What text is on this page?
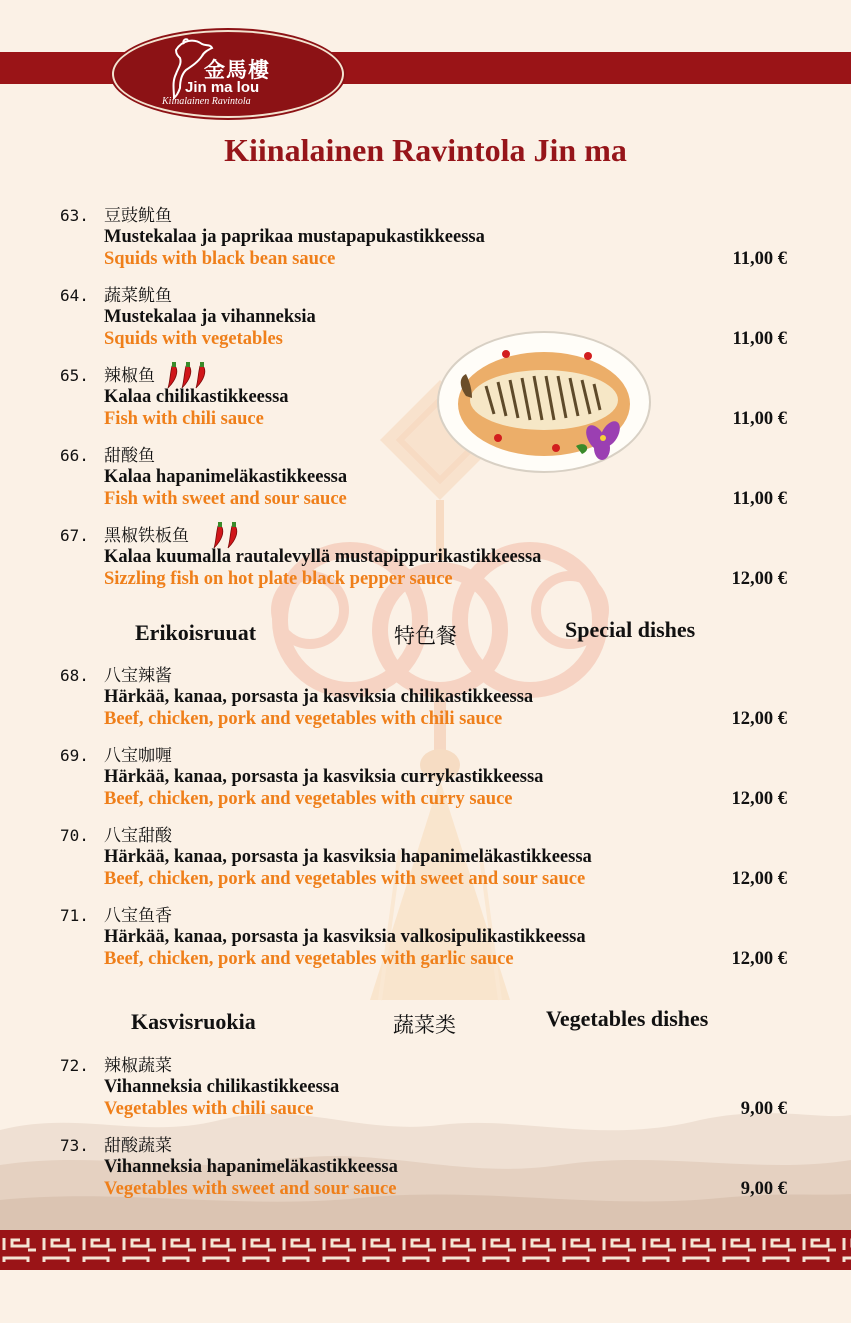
金馬樓
Jin ma lou
Kiinalainen Ravintola
Kiinalainen Ravintola Jin ma
63. 豆豉鱿鱼
Mustekalaa ja paprikaa mustapapukastikkeessa
Squids with black bean sauce	11,00 €
64. 蔬菜鱿鱼
Mustekalaa ja vihanneksia
Squids with vegetables	11,00 €
65. 辣椒鱼
Kalaa chilikastikkeessa
Fish with chili sauce	11,00 €
66. 甜酸鱼
Kalaa hapanimeläkastikkeessa
Fish with sweet and sour sauce	11,00 €
67. 黑椒铁板鱼
Kalaa kuumalla rautalevyllä mustapippurikastikkeessa
Sizzling fish on hot plate black pepper sauce	12,00 €
Erikoisruuat	特色餐	Special dishes
68. 八宝辣酱
Härkää, kanaa, porsasta ja kasviksia chilikastikkeessa
Beef, chicken, pork and vegetables with chili sauce	12,00 €
69. 八宝咖喱
Härkää, kanaa, porsasta ja kasviksia currykastikkeessa
Beef, chicken, pork and vegetables with curry sauce	12,00 €
70. 八宝甜酸
Härkää, kanaa, porsasta ja kasviksia hapanimeläkastikkeessa
Beef, chicken, pork and vegetables with sweet and sour sauce	12,00 €
71. 八宝鱼香
Härkää, kanaa, porsasta ja kasviksia valkosipulikastikkeessa
Beef, chicken, pork and vegetables with garlic sauce	12,00 €
Kasvisruokia	蔬菜类	Vegetables dishes
72. 辣椒蔬菜
Vihanneksia chilikastikkeessa
Vegetables with chili sauce	9,00 €
73. 甜酸蔬菜
Vihanneksia hapanimeläkastikkeessa
Vegetables with sweet and sour sauce	9,00 €
